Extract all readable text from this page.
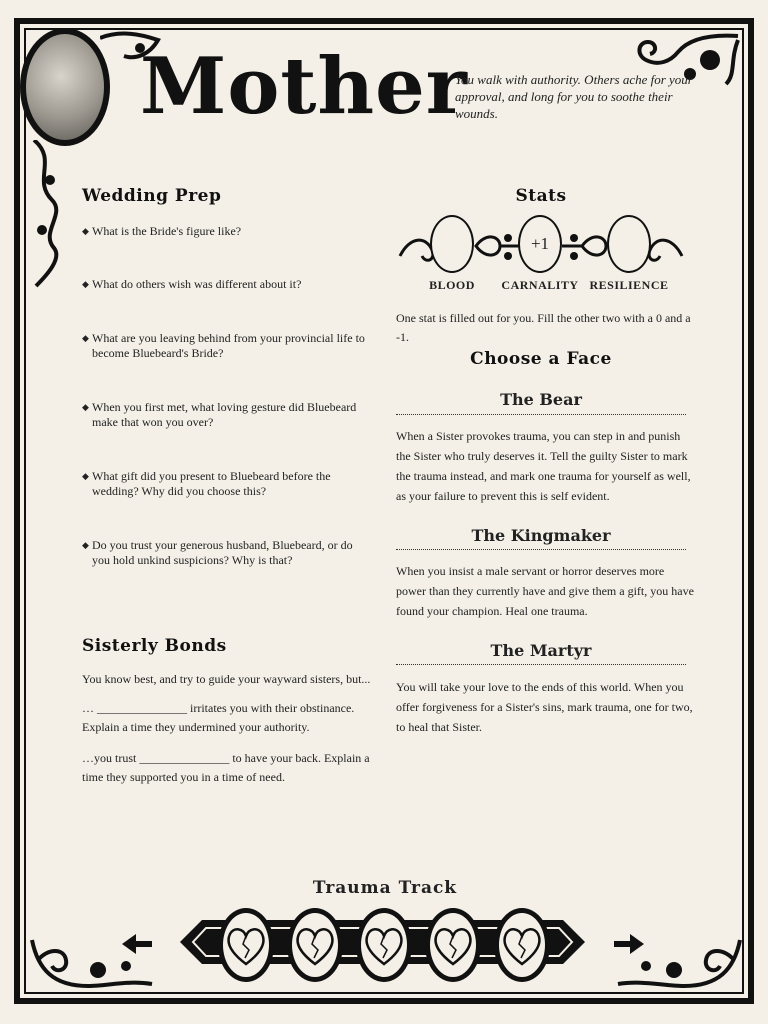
Mother
You walk with authority. Others ache for your approval, and long for you to soothe their wounds.
Wedding Prep
◆ What is the Bride's figure like?
◆ What do others wish was different about it?
◆ What are you leaving behind from your provincial life to become Bluebeard's Bride?
◆ When you first met, what loving gesture did Bluebeard make that won you over?
◆ What gift did you present to Bluebeard before the wedding? Why did you choose this?
◆ Do you trust your generous husband, Bluebeard, or do you hold unkind suspicions? Why is that?
Sisterly Bonds
You know best, and try to guide your wayward sisters, but...
… _______________ irritates you with their obstinance. Explain a time they undermined your authority.
…you trust _______________ to have your back. Explain a time they supported you in a time of need.
Stats
+1
BLOOD	CARNALITY RESILIENCE
One stat is filled out for you. Fill the other two with a 0 and a -1.
Choose a Face
The Bear
When a Sister provokes trauma, you can step in and punish the Sister who truly deserves it. Tell the guilty Sister to mark the trauma instead, and mark one trauma for yourself as well, as your failure to prevent this is self evident.
The Kingmaker
When you insist a male servant or horror deserves more power than they currently have and give them a gift, you have found your champion. Heal one trauma.
The Martyr
You will take your love to the ends of this world. When you offer forgiveness for a Sister's sins, mark trauma, one for two, to heal that Sister.
Trauma Track
